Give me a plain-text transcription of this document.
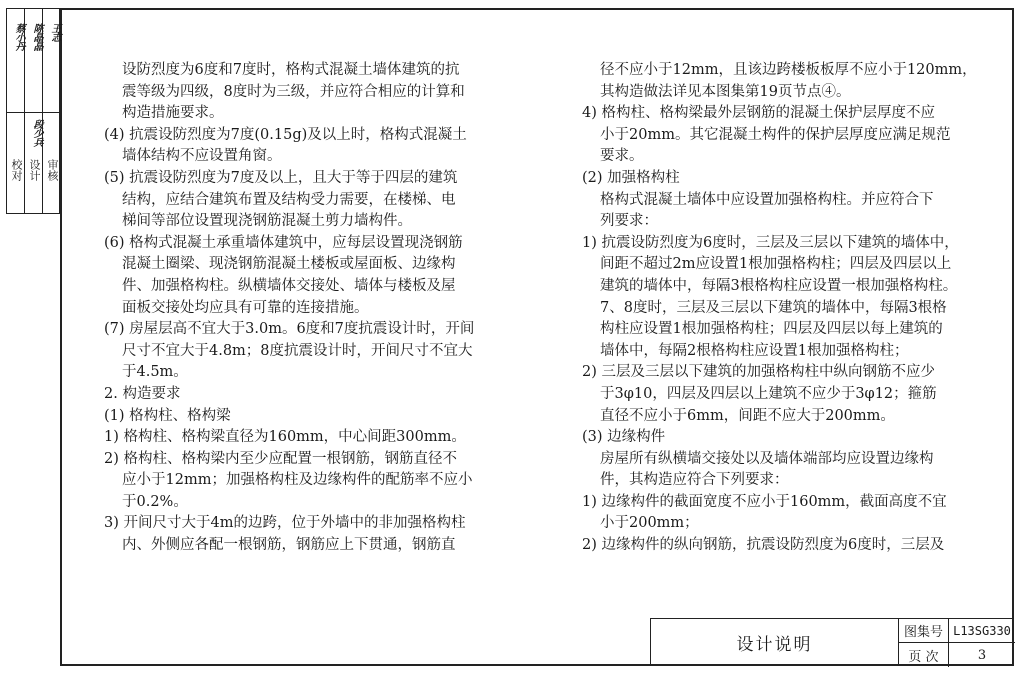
校对 设计 审核
蔡小丹 陈晶晶 王志
段少兵

设防烈度为6度和7度时，格构式混凝土墙体建筑的抗

震等级为四级，8度时为三级，并应符合相应的计算和

构造措施要求。

(4) 抗震设防烈度为7度(0.15g)及以上时，格构式混凝土

墙体结构不应设置角窗。

(5) 抗震设防烈度为7度及以上，且大于等于四层的建筑

结构，应结合建筑布置及结构受力需要，在楼梯、电

梯间等部位设置现浇钢筋混凝土剪力墙构件。

(6) 格构式混凝土承重墙体建筑中，应每层设置现浇钢筋

混凝土圈梁、现浇钢筋混凝土楼板或屋面板、边缘构

件、加强格构柱。纵横墙体交接处、墙体与楼板及屋

面板交接处均应具有可靠的连接措施。

(7) 房屋层高不宜大于3.0m。6度和7度抗震设计时，开间

尺寸不宜大于4.8m；8度抗震设计时，开间尺寸不宜大

于4.5m。

2. 构造要求

(1) 格构柱、格构梁

1) 格构柱、格构梁直径为160mm，中心间距300mm。

2) 格构柱、格构梁内至少应配置一根钢筋，钢筋直径不

应小于12mm；加强格构柱及边缘构件的配筋率不应小

于0.2%。

3) 开间尺寸大于4m的边跨，位于外墙中的非加强格构柱

内、外侧应各配一根钢筋，钢筋应上下贯通，钢筋直

径不应小于12mm，且该边跨楼板板厚不应小于120mm，

其构造做法详见本图集第19页节点④。

4) 格构柱、格构梁最外层钢筋的混凝土保护层厚度不应

小于20mm。其它混凝土构件的保护层厚度应满足规范

要求。

(2) 加强格构柱

格构式混凝土墙体中应设置加强格构柱。并应符合下

列要求：

1) 抗震设防烈度为6度时，三层及三层以下建筑的墙体中，

间距不超过2m应设置1根加强格构柱；四层及四层以上

建筑的墙体中，每隔3根格构柱应设置一根加强格构柱。

7、8度时，三层及三层以下建筑的墙体中，每隔3根格

构柱应设置1根加强格构柱；四层及四层以每上建筑的

墙体中，每隔2根格构柱应设置1根加强格构柱；

2) 三层及三层以下建筑的加强格构柱中纵向钢筋不应少

于3φ10，四层及四层以上建筑不应少于3φ12；箍筋

直径不应小于6mm，间距不应大于200mm。

(3) 边缘构件

房屋所有纵横墙交接处以及墙体端部均应设置边缘构

件，其构造应符合下列要求：

1) 边缘构件的截面宽度不应小于160mm，截面高度不宜

小于200mm；

2) 边缘构件的纵向钢筋，抗震设防烈度为6度时，三层及

设计说明
图集号 L13SG330
页 次	3
